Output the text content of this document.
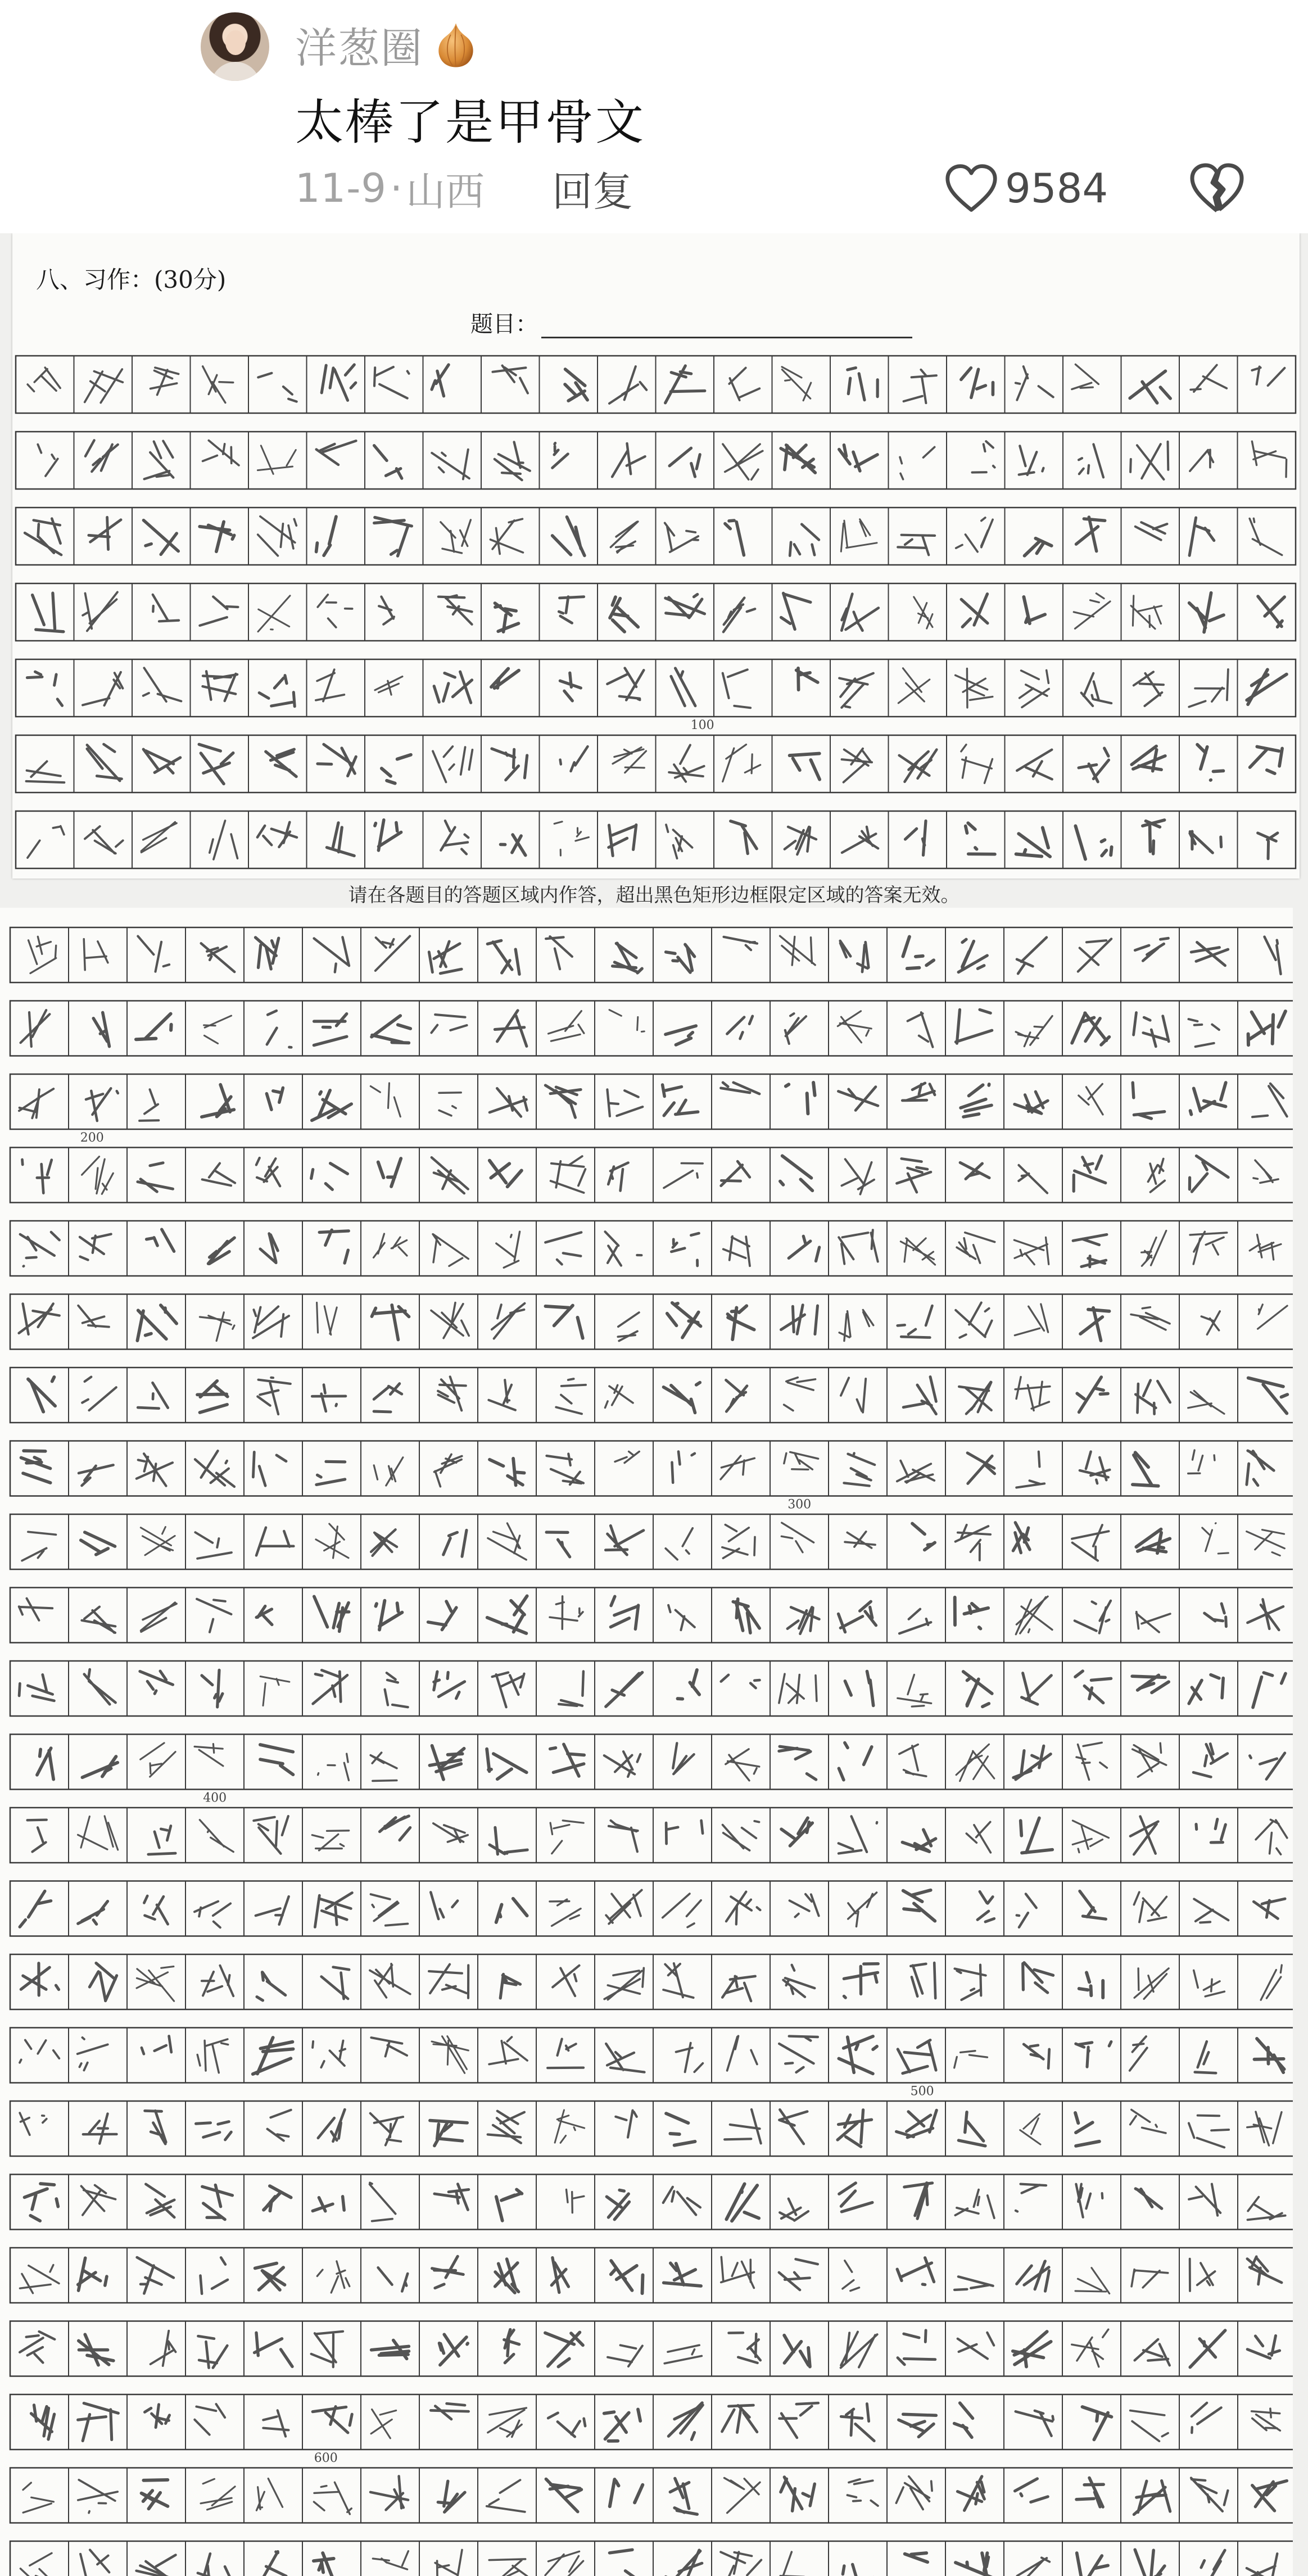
洋葱圈
太棒了是甲骨文
11-9 · 山西 回复	9584
八、习作：(30分)
题目：
100
请在各题目的答题区域内作答，超出黑色矩形边框限定区域的答案无效。
200
300
400
500
600
